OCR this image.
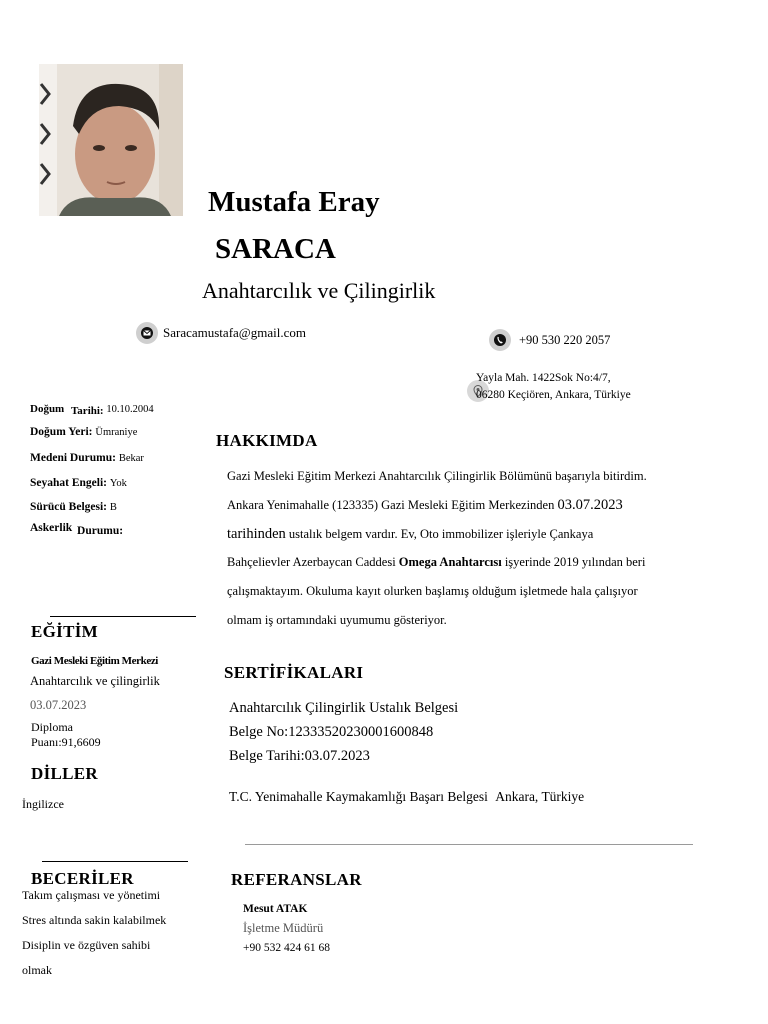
Mustafa Eray
SARACA
Anahtarcılık ve Çilingirlik
Saracamustafa@gmail.com	+90 530 220 2057
Yayla Mah. 1422Sok No:4/7,
06280 Keçiören, Ankara, Türkiye
Doğum Tarihi: 10.10.2004
Doğum Yeri: Ümraniye
Medeni Durumu: Bekar
Seyahat Engeli: Yok
Sürücü Belgesi: B
Askerlik Durumu:
EĞİTİM
Gazi Mesleki Eğitim Merkezi
Anahtarcılık ve çilingirlik
03.07.2023
Diploma
Puanı:91,6609
DİLLER
İngilizce
BECERİLER
Takım çalışması ve yönetimi
Stres altında sakin kalabilmek
Disiplin ve özgüven sahibi
olmak
HAKKIMDA
Gazi Mesleki Eğitim Merkezi Anahtarcılık Çilingirlik Bölümünü başarıyla bitirdim.
Ankara Yenimahalle (123335) Gazi Mesleki Eğitim Merkezinden 03.07.2023
tarihinden ustalık belgem vardır. Ev, Oto immobilizer işleriyle Çankaya
Bahçelievler Azerbaycan Caddesi Omega Anahtarcısı işyerinde 2019 yılından beri
çalışmaktayım. Okuluma kayıt olurken başlamış olduğum işletmede hala çalışıyor
olmam iş ortamındaki uyumumu gösteriyor.
SERTİFİKALARI
Anahtarcılık Çilingirlik Ustalık Belgesi
Belge No:12333520230001600848
Belge Tarihi:03.07.2023
T.C. Yenimahalle Kaymakamlığı Başarı Belgesi Ankara, Türkiye
REFERANSLAR
Mesut ATAK
İşletme Müdürü
+90 532 424 61 68
